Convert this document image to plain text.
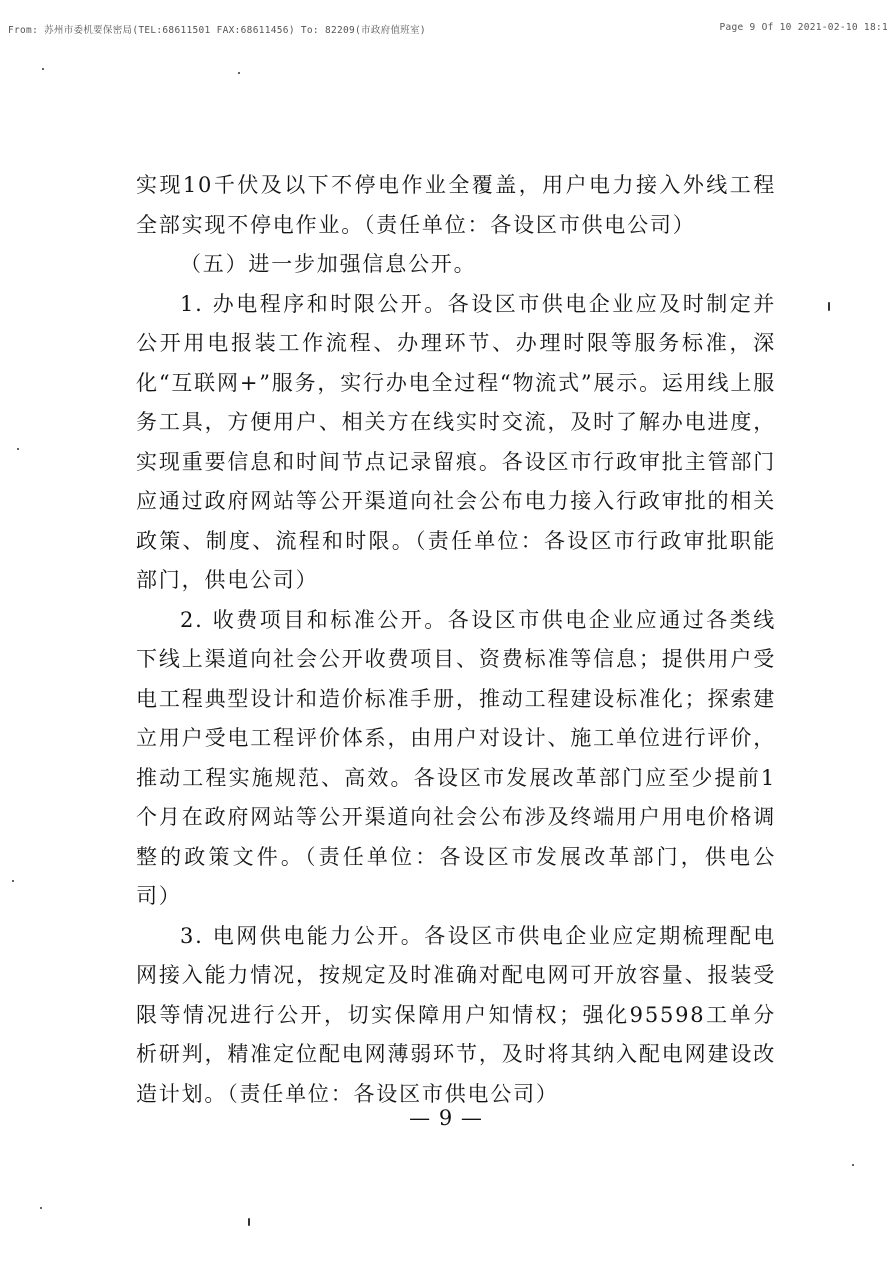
From: 苏州市委机要保密局(TEL:68611501 FAX:68611456) To: 82209(市政府值班室)	Page 9 Of 10 2021-02-10 18:1

实现10千伏及以下不停电作业全覆盖，用户电力接入外线工程全部实现不停电作业。（责任单位：各设区市供电公司）

（五）进一步加强信息公开。

1. 办电程序和时限公开。各设区市供电企业应及时制定并公开用电报装工作流程、办理环节、办理时限等服务标准，深化“互联网+”服务，实行办电全过程“物流式”展示。运用线上服务工具，方便用户、相关方在线实时交流，及时了解办电进度，实现重要信息和时间节点记录留痕。各设区市行政审批主管部门应通过政府网站等公开渠道向社会公布电力接入行政审批的相关政策、制度、流程和时限。（责任单位：各设区市行政审批职能部门，供电公司）

2. 收费项目和标准公开。各设区市供电企业应通过各类线下线上渠道向社会公开收费项目、资费标准等信息；提供用户受电工程典型设计和造价标准手册，推动工程建设标准化；探索建立用户受电工程评价体系，由用户对设计、施工单位进行评价，推动工程实施规范、高效。各设区市发展改革部门应至少提前1个月在政府网站等公开渠道向社会公布涉及终端用户用电价格调整的政策文件。（责任单位：各设区市发展改革部门，供电公司）

3. 电网供电能力公开。各设区市供电企业应定期梳理配电网接入能力情况，按规定及时准确对配电网可开放容量、报装受限等情况进行公开，切实保障用户知情权；强化95598工单分析研判，精准定位配电网薄弱环节，及时将其纳入配电网建设改造计划。（责任单位：各设区市供电公司）

— 9 —
